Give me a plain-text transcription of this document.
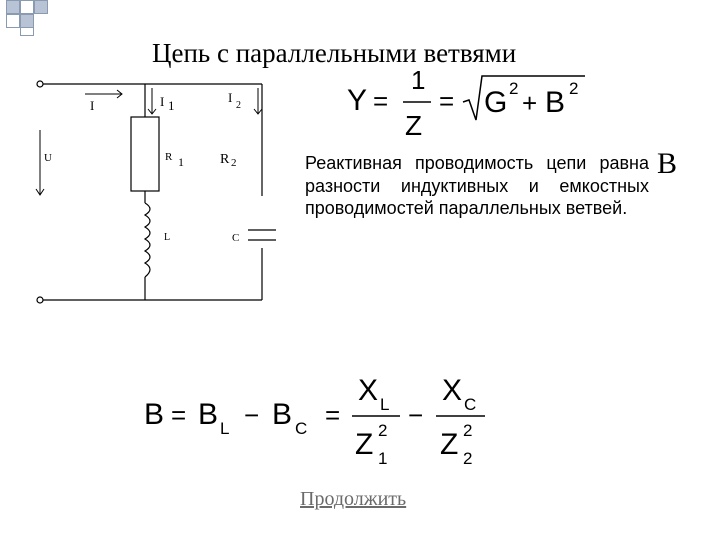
Цепь с параллельными ветвями
I	I 1
I
2
U	R 1	R 2
L	C
Y =
1
Z
= G 2 + B 2
В
Реактивная проводимость цепи равна разности индуктивных и емкостных проводимостей параллельных ветвей.
B = B L − B C =
X L
Z 2
1
−
X C
Z 2
2
Продолжить
